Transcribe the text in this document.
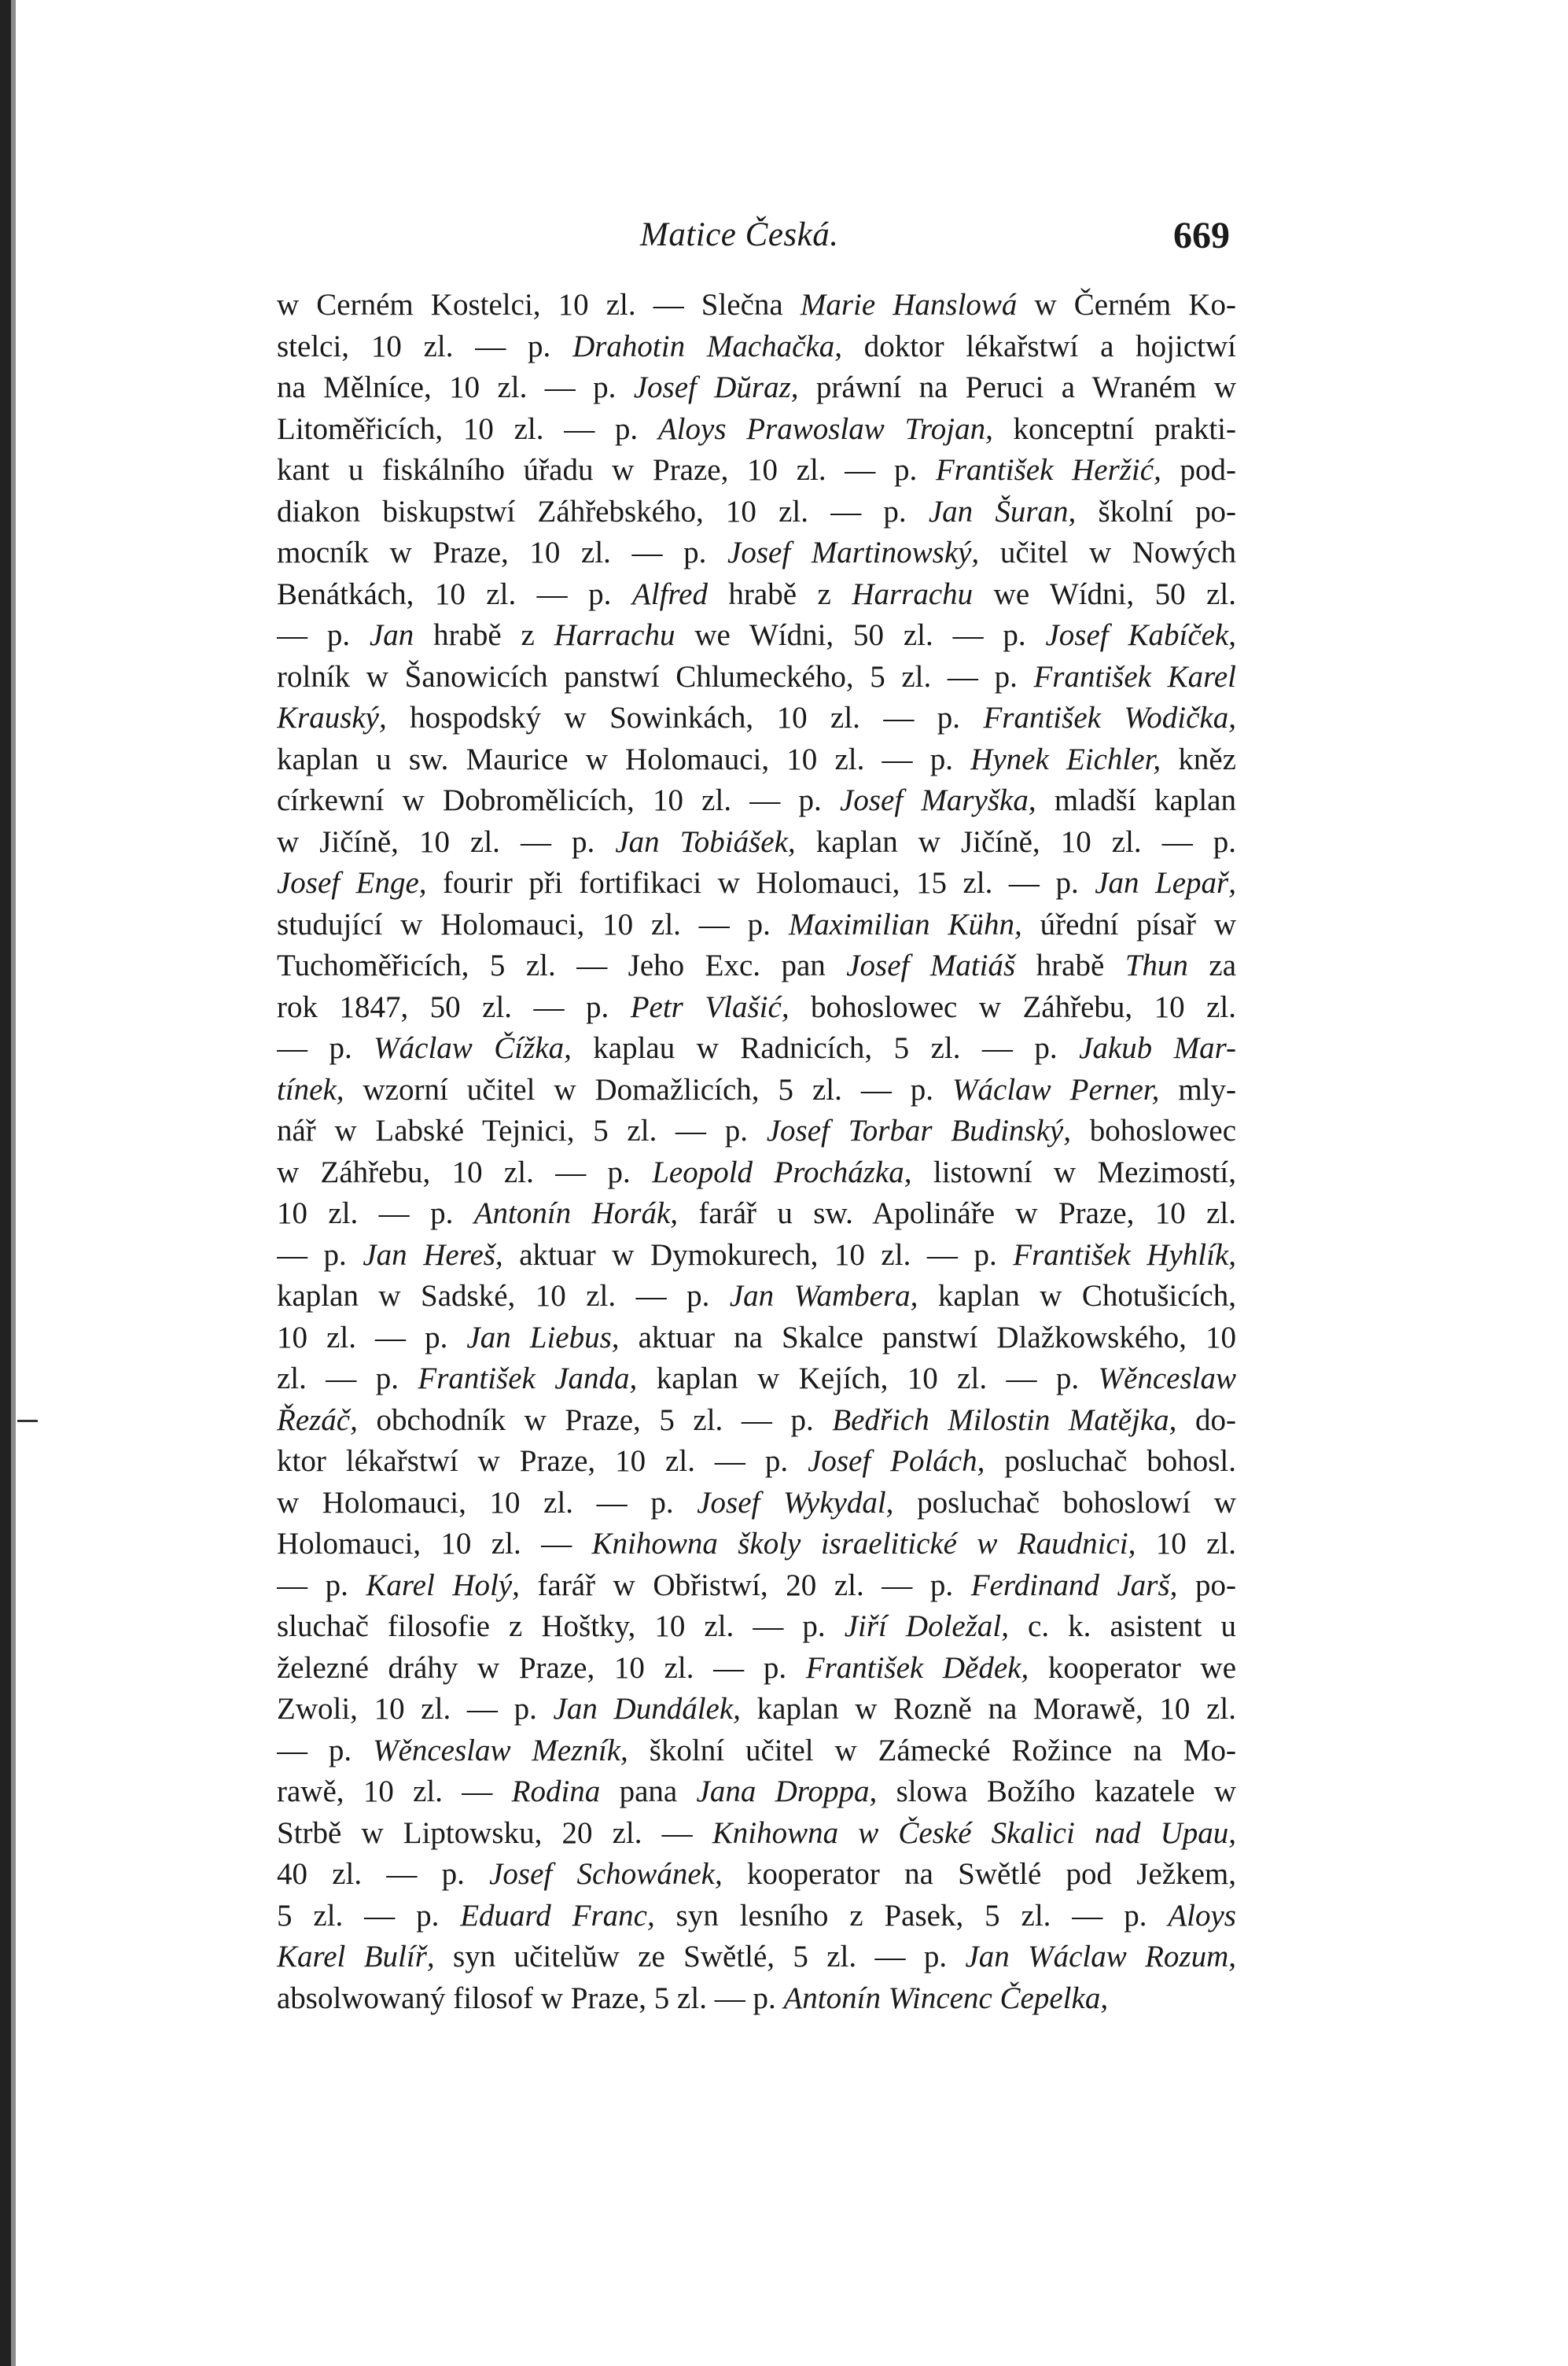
Matice Česká.	669
w Cerném Kostelci, 10 zl. — Slečna Marie Hanslowá w Černém Ko-
stelci, 10 zl. — p. Drahotin Machačka, doktor lékařstwí a hojictwí
na Mělníce, 10 zl. — p. Josef Dŭraz, práwní na Peruci a Wraném w
Litoměřicích, 10 zl. — p. Aloys Prawoslaw Trojan, konceptní prakti-
kant u fiskálního úřadu w Praze, 10 zl. — p. František Heržić, pod-
diakon biskupstwí Záhřebského, 10 zl. — p. Jan Šuran, školní po-
mocník w Praze, 10 zl. — p. Josef Martinowský, učitel w Nowých
Benátkách, 10 zl. — p. Alfred hrabě z Harrachu we Wídni, 50 zl.
— p. Jan hrabě z Harrachu we Wídni, 50 zl. — p. Josef Kabíček,
rolník w Šanowicích panstwí Chlumeckého, 5 zl. — p. František Karel
Krauský, hospodský w Sowinkách, 10 zl. — p. František Wodička,
kaplan u sw. Maurice w Holomauci, 10 zl. — p. Hynek Eichler, kněz
církewní w Dobromělicích, 10 zl. — p. Josef Maryška, mladší kaplan
w Jičíně, 10 zl. — p. Jan Tobiášek, kaplan w Jičíně, 10 zl. — p.
Josef Enge, fourir při fortifikaci w Holomauci, 15 zl. — p. Jan Lepař,
studující w Holomauci, 10 zl. — p. Maximilian Kühn, úřední písař w
Tuchoměřicích, 5 zl. — Jeho Exc. pan Josef Matiáš hrabě Thun za
rok 1847, 50 zl. — p. Petr Vlašić, bohoslowec w Záhřebu, 10 zl.
— p. Wáclaw Čížka, kaplau w Radnicích, 5 zl. — p. Jakub Mar-
tínek, wzorní učitel w Domažlicích, 5 zl. — p. Wáclaw Perner, mly-
nář w Labské Tejnici, 5 zl. — p. Josef Torbar Budinský, bohoslowec
w Záhřebu, 10 zl. — p. Leopold Procházka, listowní w Mezimostí,
10 zl. — p. Antonín Horák, farář u sw. Apolináře w Praze, 10 zl.
— p. Jan Hereš, aktuar w Dymokurech, 10 zl. — p. František Hyhlík,
kaplan w Sadské, 10 zl. — p. Jan Wambera, kaplan w Chotušicích,
10 zl. — p. Jan Liebus, aktuar na Skalce panstwí Dlažkowského, 10
zl. — p. František Janda, kaplan w Kejích, 10 zl. — p. Wěnceslaw
Řezáč, obchodník w Praze, 5 zl. — p. Bedřich Milostin Matějka, do-
ktor lékařstwí w Praze, 10 zl. — p. Josef Polách, posluchač bohosl.
w Holomauci, 10 zl. — p. Josef Wykydal, posluchač bohoslowí w
Holomauci, 10 zl. — Knihowna školy israelitické w Raudnici, 10 zl.
— p. Karel Holý, farář w Obřistwí, 20 zl. — p. Ferdinand Jarš, po-
sluchač filosofie z Hoštky, 10 zl. — p. Jiří Doležal, c. k. asistent u
železné dráhy w Praze, 10 zl. — p. František Dědek, kooperator we
Zwoli, 10 zl. — p. Jan Dundálek, kaplan w Rozně na Morawě, 10 zl.
— p. Wěnceslaw Mezník, školní učitel w Zámecké Rožince na Mo-
rawě, 10 zl. — Rodina pana Jana Droppa, slowa Božího kazatele w
Strbě w Liptowsku, 20 zl. — Knihowna w České Skalici nad Upau,
40 zl. — p. Josef Schowánek, kooperator na Swětlé pod Ježkem,
5 zl. — p. Eduard Franc, syn lesního z Pasek, 5 zl. — p. Aloys
Karel Bulíř, syn učitelŭw ze Swětlé, 5 zl. — p. Jan Wáclaw Rozum,
absolwowaný filosof w Praze, 5 zl. — p. Antonín Wincenc Čepelka,
